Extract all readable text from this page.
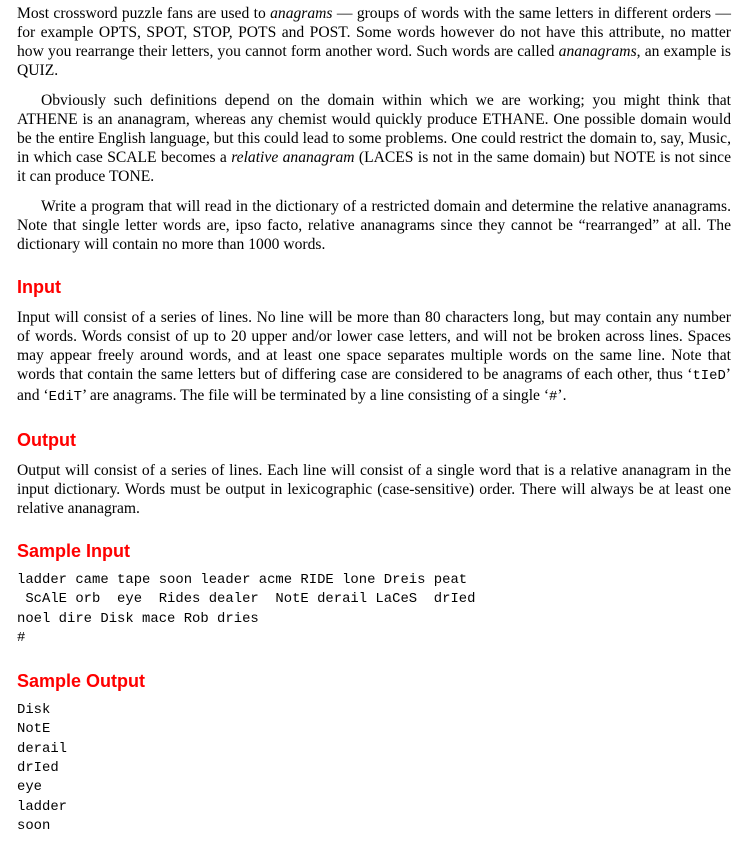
Most crossword puzzle fans are used to anagrams — groups of words with the same letters in different orders — for example OPTS, SPOT, STOP, POTS and POST. Some words however do not have this attribute, no matter how you rearrange their letters, you cannot form another word. Such words are called ananagrams, an example is QUIZ.

Obviously such definitions depend on the domain within which we are working; you might think that ATHENE is an ananagram, whereas any chemist would quickly produce ETHANE. One possible domain would be the entire English language, but this could lead to some problems. One could restrict the domain to, say, Music, in which case SCALE becomes a relative ananagram (LACES is not in the same domain) but NOTE is not since it can produce TONE.

Write a program that will read in the dictionary of a restricted domain and determine the relative ananagrams. Note that single letter words are, ipso facto, relative ananagrams since they cannot be “rearranged” at all. The dictionary will contain no more than 1000 words.

Input

Input will consist of a series of lines. No line will be more than 80 characters long, but may contain any number of words. Words consist of up to 20 upper and/or lower case letters, and will not be broken across lines. Spaces may appear freely around words, and at least one space separates multiple words on the same line. Note that words that contain the same letters but of differing case are considered to be anagrams of each other, thus ‘tIeD’ and ‘EdiT’ are anagrams. The file will be terminated by a line consisting of a single ‘#’.

Output

Output will consist of a series of lines. Each line will consist of a single word that is a relative ananagram in the input dictionary. Words must be output in lexicographic (case-sensitive) order. There will always be at least one relative ananagram.

Sample Input
ladder came tape soon leader acme RIDE lone Dreis peat
ScAlE orb  eye  Rides dealer  NotE derail LaCeS  drIed
noel dire Disk mace Rob dries
#
Sample Output
Disk
NotE
derail
drIed
eye
ladder
soon
